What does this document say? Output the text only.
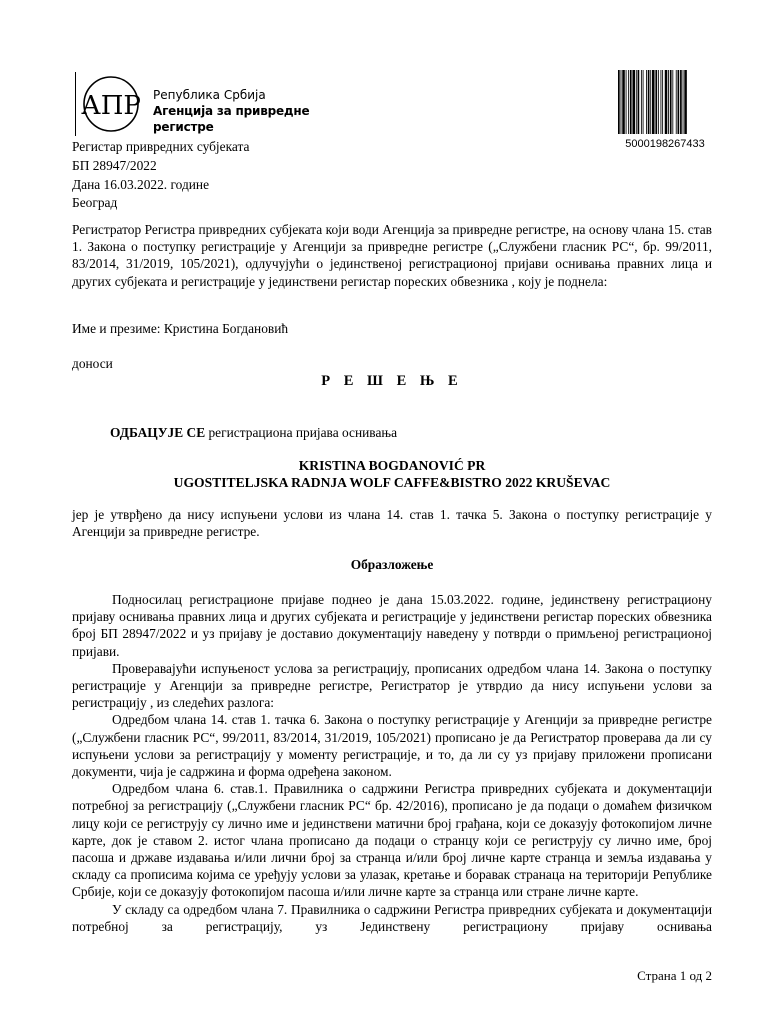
АПР Република Србија
Агенција за привредне регистре
5000198267433
Регистар привредних субјеката
БП 28947/2022
Дана 16.03.2022. године
Београд

Регистратор Регистра привредних субјеката који води Агенција за привредне регистре, на основу члана 15. став 1. Закона о поступку регистрације у Агенцији за привредне регистре („Службени гласник РС“, бр. 99/2011, 83/2014, 31/2019, 105/2021), одлучујући о јединственој регистрационој пријави оснивања правних лица и других субјеката и регистрације у јединствени регистар пореских обвезника , коју је поднела:

Име и презиме: Кристина Богдановић

доноси

Р Е Ш Е Њ Е

ОДБАЦУЈЕ СЕ регистрациона пријава оснивања

KRISTINA BOGDANOVIĆ PR
UGOSTITELJSKA RADNJA WOLF CAFFE&BISTRO 2022 KRUŠEVAC

јер је утврђено да нису испуњени услови из члана 14. став 1. тачка 5. Закона о поступку регистрације у Агенцији за привредне регистре.

Образложење

Подносилац регистрационе пријаве поднео је дана 15.03.2022. године, јединствену регистрациону пријаву оснивања правних лица и других субјеката и регистрације у јединствени регистар пореских обвезника број БП 28947/2022 и уз пријаву је доставио документацију наведену у потврди о примљеној регистрационој пријави.

Проверавајући испуњеност услова за регистрацију, прописаних одредбом члана 14. Закона о поступку регистрације у Агенцији за привредне регистре, Регистратор је утврдио да нису испуњени услови за регистрацију , из следећих разлога:

Одредбом члана 14. став 1. тачка 6. Закона о поступку регистрације у Агенцији за привредне регистре („Службени гласник РС“, 99/2011, 83/2014, 31/2019, 105/2021) прописано је да Регистратор проверава да ли су испуњени услови за регистрацију у моменту регистрације, и то, да ли су уз пријаву приложени прописани документи, чија је садржина и форма одређена законом.

Одредбом члана 6. став.1. Правилника о садржини Регистра привредних субјеката и документацији потребној за регистрацију („Службени гласник РС“ бр. 42/2016), прописано је да подаци о домаћем физичком лицу који се региструју су лично име и јединствени матични број грађана, који се доказују фотокопијом личне карте, док је ставом 2. истог члана прописано да подаци о странцу који се региструју су лично име, број пасоша и државе издавања и/или лични број за странца и/или број личне карте странца и земља издавања у складу са прописима којима се уређују услови за улазак, кретање и боравак странаца на територији Републике Србије, који се доказују фотокопијом пасоша и/или личне карте за странца или стране личне карте.

У складу са одредбом члана 7. Правилника о садржини Регистра привредних субјеката и документацији потребној за регистрацију, уз Јединствену регистрациону пријаву оснивања

Страна 1 од 2
